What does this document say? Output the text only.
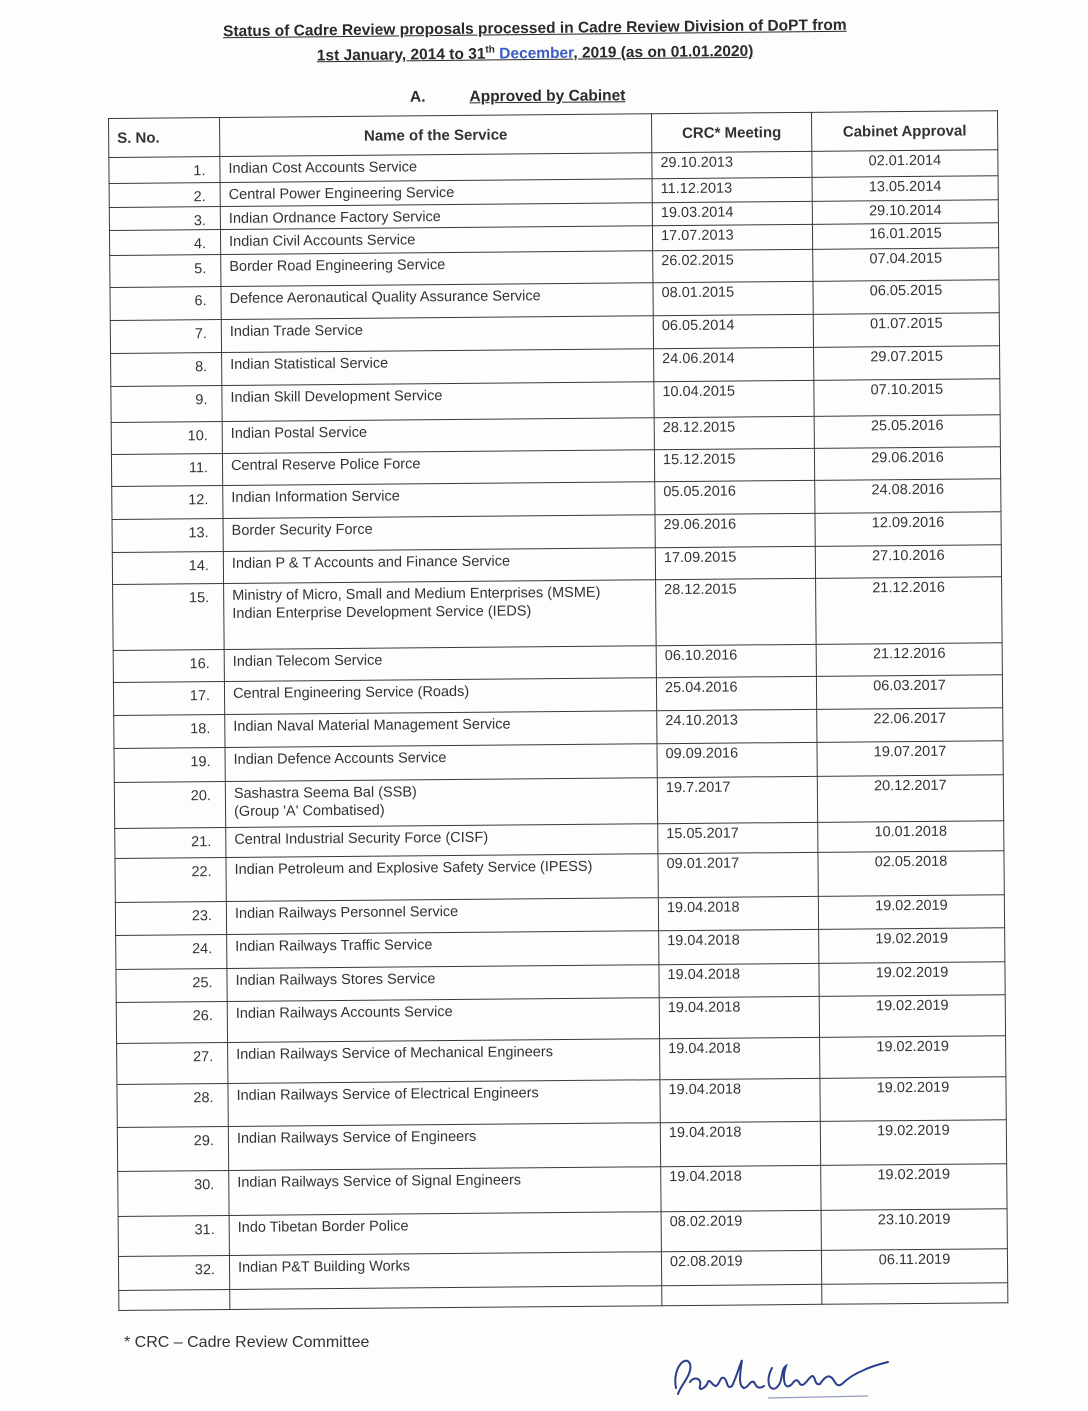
Status of Cadre Review proposals processed in Cadre Review Division of DoPT from
1st January, 2014 to 31th December, 2019 (as on 01.01.2020)
A.	Approved by Cabinet
S. No.	Name of the Service	CRC* Meeting	Cabinet Approval
1.	Indian Cost Accounts Service	29.10.2013	02.01.2014
2.	Central Power Engineering Service	11.12.2013	13.05.2014
3.	Indian Ordnance Factory Service	19.03.2014	29.10.2014
4.	Indian Civil Accounts Service	17.07.2013	16.01.2015
5.	Border Road Engineering Service	26.02.2015	07.04.2015
6.	Defence Aeronautical Quality Assurance Service	08.01.2015	06.05.2015
7.	Indian Trade Service	06.05.2014	01.07.2015
8.	Indian Statistical Service	24.06.2014	29.07.2015
9.	Indian Skill Development Service	10.04.2015	07.10.2015
10.	Indian Postal Service	28.12.2015	25.05.2016
11.	Central Reserve Police Force	15.12.2015	29.06.2016
12.	Indian Information Service	05.05.2016	24.08.2016
13.	Border Security Force	29.06.2016	12.09.2016
14.	Indian P & T Accounts and Finance Service	17.09.2015	27.10.2016
15.	Ministry of Micro, Small and Medium Enterprises (MSME)
Indian Enterprise Development Service (IEDS)	28.12.2015	21.12.2016
16.	Indian Telecom Service	06.10.2016	21.12.2016
17.	Central Engineering Service (Roads)	25.04.2016	06.03.2017
18.	Indian Naval Material Management Service	24.10.2013	22.06.2017
19.	Indian Defence Accounts Service	09.09.2016	19.07.2017
20.	Sashastra Seema Bal (SSB)
(Group 'A' Combatised)	19.7.2017	20.12.2017
21.	Central Industrial Security Force (CISF)	15.05.2017	10.01.2018
22.	Indian Petroleum and Explosive Safety Service (IPESS)	09.01.2017	02.05.2018
23.	Indian Railways Personnel Service	19.04.2018	19.02.2019
24.	Indian Railways Traffic Service	19.04.2018	19.02.2019
25.	Indian Railways Stores Service	19.04.2018	19.02.2019
26.	Indian Railways Accounts Service	19.04.2018	19.02.2019
27.	Indian Railways Service of Mechanical Engineers	19.04.2018	19.02.2019
28.	Indian Railways Service of Electrical Engineers	19.04.2018	19.02.2019
29.	Indian Railways Service of Engineers	19.04.2018	19.02.2019
30.	Indian Railways Service of Signal Engineers	19.04.2018	19.02.2019
31.	Indo Tibetan Border Police	08.02.2019	23.10.2019
32.	Indian P&T Building Works	02.08.2019	06.11.2019

* CRC – Cadre Review Committee
